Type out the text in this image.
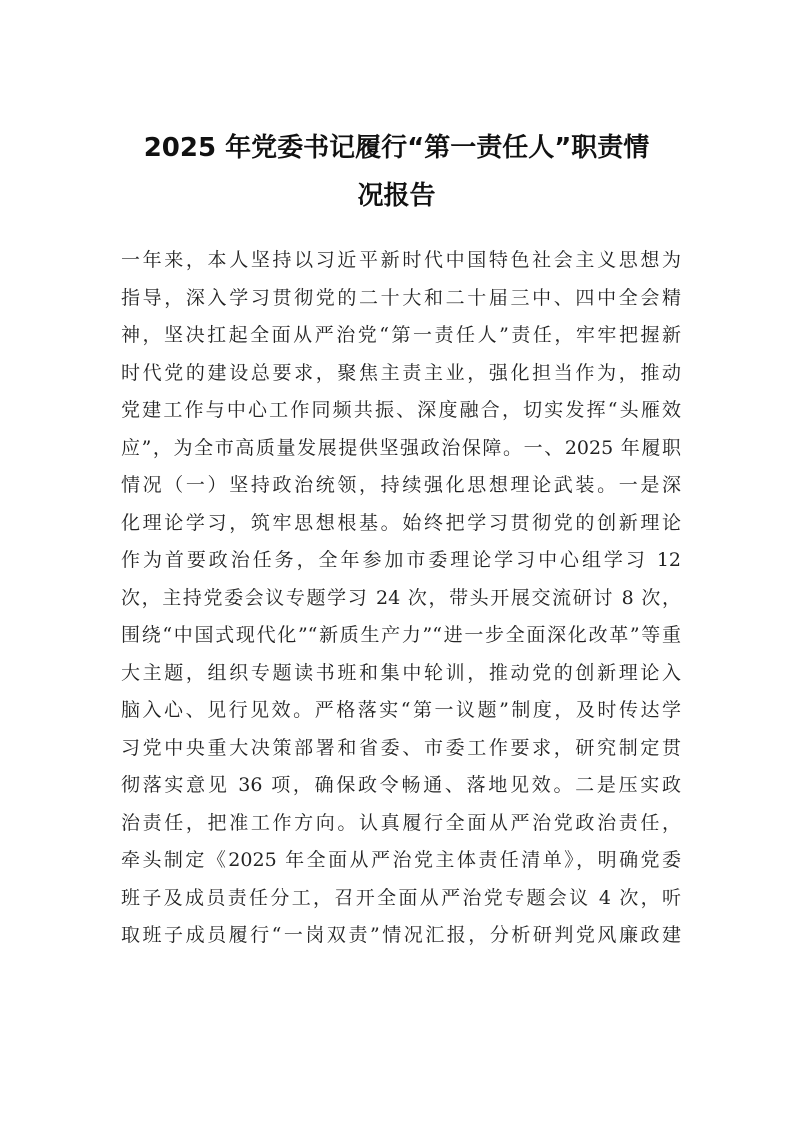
2025 年党委书记履行“第一责任人”职责情
况报告
一年来，本人坚持以习近平新时代中国特色社会主义思想为
指导，深入学习贯彻党的二十大和二十届三中、四中全会精
神，坚决扛起全面从严治党“第一责任人”责任，牢牢把握新
时代党的建设总要求，聚焦主责主业，强化担当作为，推动
党建工作与中心工作同频共振、深度融合，切实发挥“头雁效
应”，为全市高质量发展提供坚强政治保障。一、2025 年履职
情况（一）坚持政治统领，持续强化思想理论武装。一是深
化理论学习，筑牢思想根基。始终把学习贯彻党的创新理论
作为首要政治任务，全年参加市委理论学习中心组学习 12
次，主持党委会议专题学习 24 次，带头开展交流研讨 8 次，
围绕“中国式现代化”“新质生产力”“进一步全面深化改革”等重
大主题，组织专题读书班和集中轮训，推动党的创新理论入
脑入心、见行见效。严格落实“第一议题”制度，及时传达学
习党中央重大决策部署和省委、市委工作要求，研究制定贯
彻落实意见 36 项，确保政令畅通、落地见效。二是压实政
治责任，把准工作方向。认真履行全面从严治党政治责任，
牵头制定《2025 年全面从严治党主体责任清单》，明确党委
班子及成员责任分工，召开全面从严治党专题会议 4 次，听
取班子成员履行“一岗双责”情况汇报，分析研判党风廉政建
